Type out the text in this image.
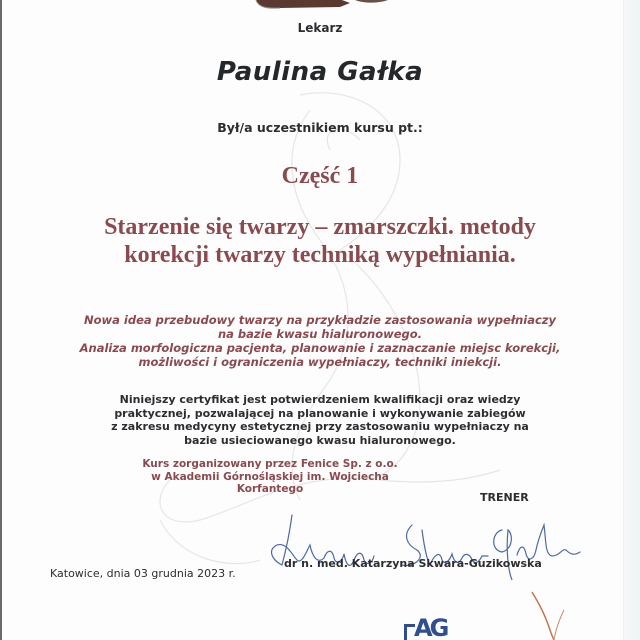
Lekarz
Paulina Gałka
Był/a uczestnikiem kursu pt.:
Część 1
Starzenie się twarzy – zmarszczki. metody korekcji twarzy techniką wypełniania.
Nowa idea przebudowy twarzy na przykładzie zastosowania wypełniaczy
na bazie kwasu hialuronowego.
Analiza morfologiczna pacjenta, planowanie i zaznaczanie miejsc korekcji,
możliwości i ograniczenia wypełniaczy, techniki iniekcji.
Niniejszy certyfikat jest potwierdzeniem kwalifikacji oraz wiedzy
praktycznej, pozwalającej na planowanie i wykonywanie zabiegów
z zakresu medycyny estetycznej przy zastosowaniu wypełniaczy na
bazie usieciowanego kwasu hialuronowego.
Kurs zorganizowany przez Fenice Sp. z o.o.
w Akademii Górnośląskiej im. Wojciecha Korfantego
TRENER
dr n. med. Katarzyna Skwara-Guzikowska
Katowice, dnia 03 grudnia 2023 r.
AG
